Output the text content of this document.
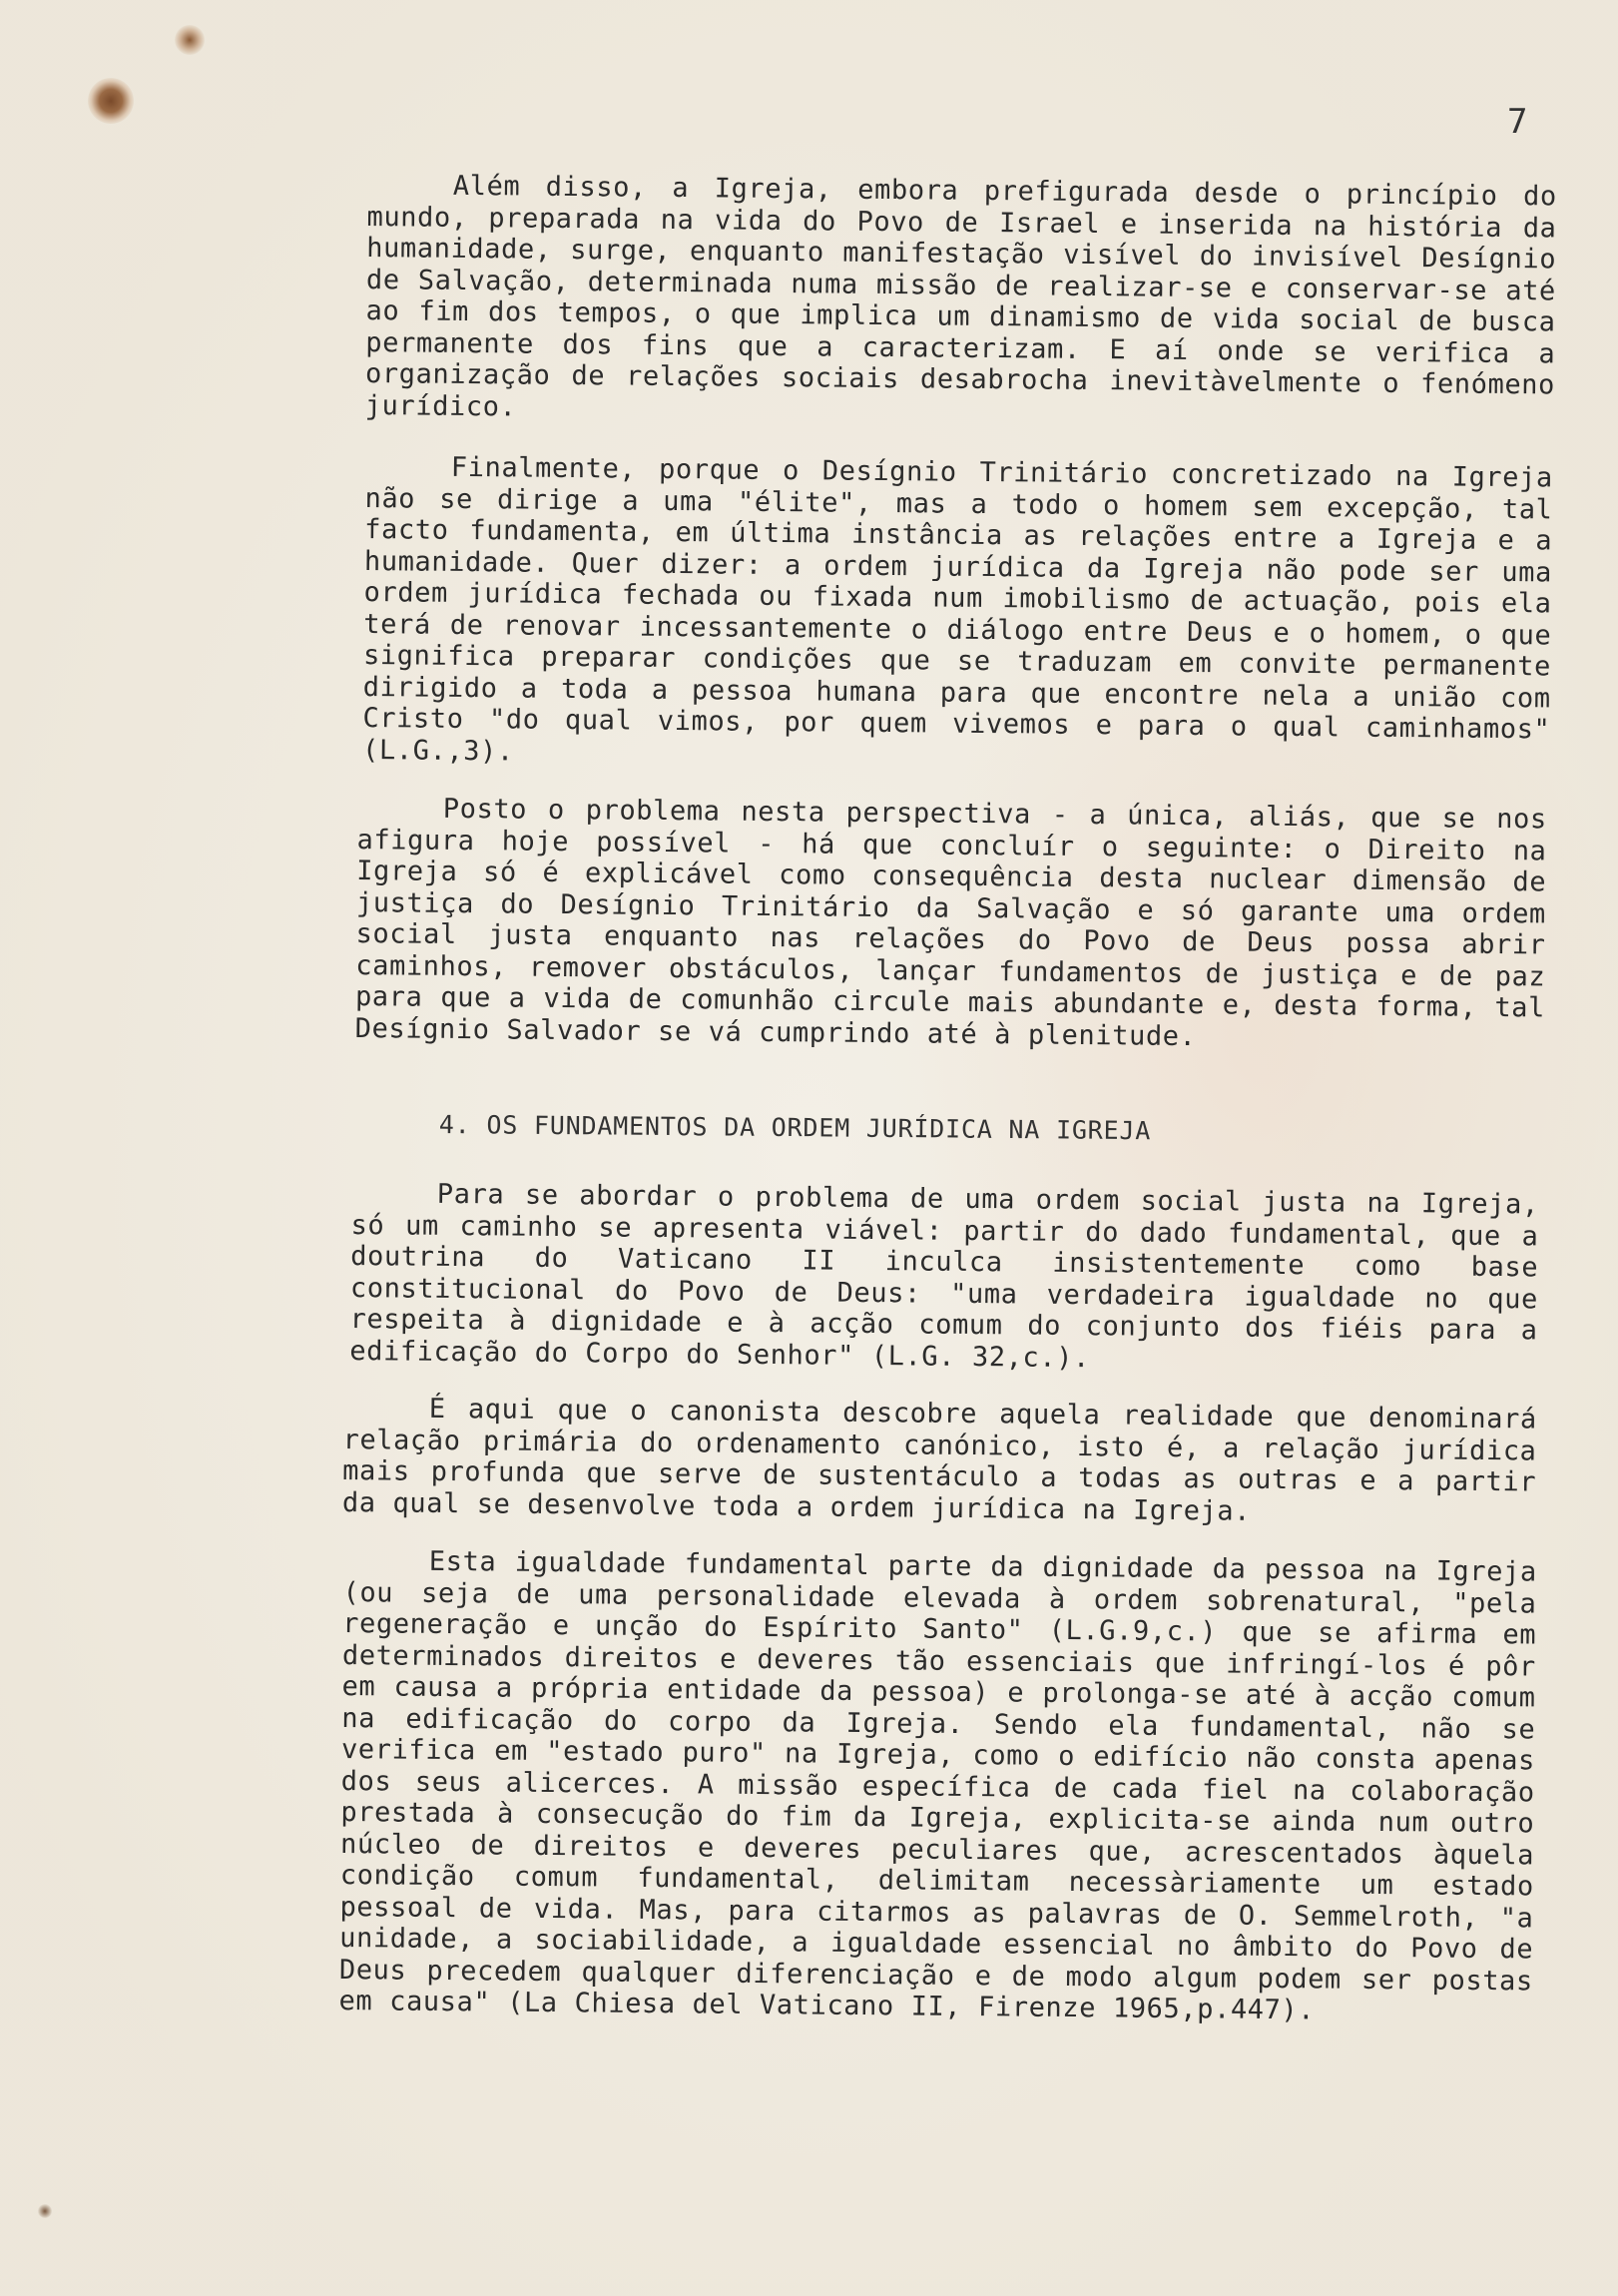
7

Além disso, a Igreja, embora prefigurada desde o princípio do mundo, preparada na vida do Povo de Israel e inserida na história da humanidade, surge, enquanto manifestação visível do invisível Desígnio de Salvação, determinada numa missão de realizar-se e conservar-se até ao fim dos tempos, o que implica um dinamismo de vida social de busca permanente dos fins que a caracterizam. E aí onde se verifica a organização de relações sociais desabrocha inevitàvelmente o fenómeno jurídico.

Finalmente, porque o Desígnio Trinitário concretizado na Igreja não se dirige a uma "élite", mas a todo o homem sem excepção, tal facto fundamenta, em última instância as relações entre a Igreja e a humanidade. Quer dizer: a ordem jurídica da Igreja não pode ser uma ordem jurídica fechada ou fixada num imobilismo de actuação, pois ela terá de renovar incessantemente o diálogo entre Deus e o homem, o que significa preparar condições que se traduzam em convite permanente dirigido a toda a pessoa humana para que encontre nela a união com Cristo "do qual vimos, por quem vivemos e para o qual caminhamos" (L.G.,3).

Posto o problema nesta perspectiva - a única, aliás, que se nos afigura hoje possível - há que concluír o seguinte: o Direito na Igreja só é explicável como consequência desta nuclear dimensão de justiça do Desígnio Trinitário da Salvação e só garante uma ordem social justa enquanto nas relações do Povo de Deus possa abrir caminhos, remover obstáculos, lançar fundamentos de justiça e de paz para que a vida de comunhão circule mais abundante e, desta forma, tal Desígnio Salvador se vá cumprindo até à plenitude.

4. OS FUNDAMENTOS DA ORDEM JURÍDICA NA IGREJA

Para se abordar o problema de uma ordem social justa na Igreja, só um caminho se apresenta viável: partir do dado fundamental, que a doutrina do Vaticano II inculca insistentemente como base constitucional do Povo de Deus: "uma verdadeira igualdade no que respeita à dignidade e à acção comum do conjunto dos fiéis para a edificação do Corpo do Senhor" (L.G. 32,c.).

É aqui que o canonista descobre aquela realidade que denominará relação primária do ordenamento canónico, isto é, a relação jurídica mais profunda que serve de sustentáculo a todas as outras e a partir da qual se desenvolve toda a ordem jurídica na Igreja.

Esta igualdade fundamental parte da dignidade da pessoa na Igreja (ou seja de uma personalidade elevada à ordem sobrenatural, "pela regeneração e unção do Espírito Santo" (L.G.9,c.) que se afirma em determinados direitos e deveres tão essenciais que infringí-los é pôr em causa a própria entidade da pessoa) e prolonga-se até à acção comum na edificação do corpo da Igreja. Sendo ela fundamental, não se verifica em "estado puro" na Igreja, como o edifício não consta apenas dos seus alicerces. A missão específica de cada fiel na colaboração prestada à consecução do fim da Igreja, explicita-se ainda num outro núcleo de direitos e deveres peculiares que, acrescentados àquela condição comum fundamental, delimitam necessàriamente um estado pessoal de vida. Mas, para citarmos as palavras de O. Semmelroth, "a unidade, a sociabilidade, a igualdade essencial no âmbito do Povo de Deus precedem qualquer diferenciação e de modo algum podem ser postas em causa" (La Chiesa del Vaticano II, Firenze 1965,p.447).
